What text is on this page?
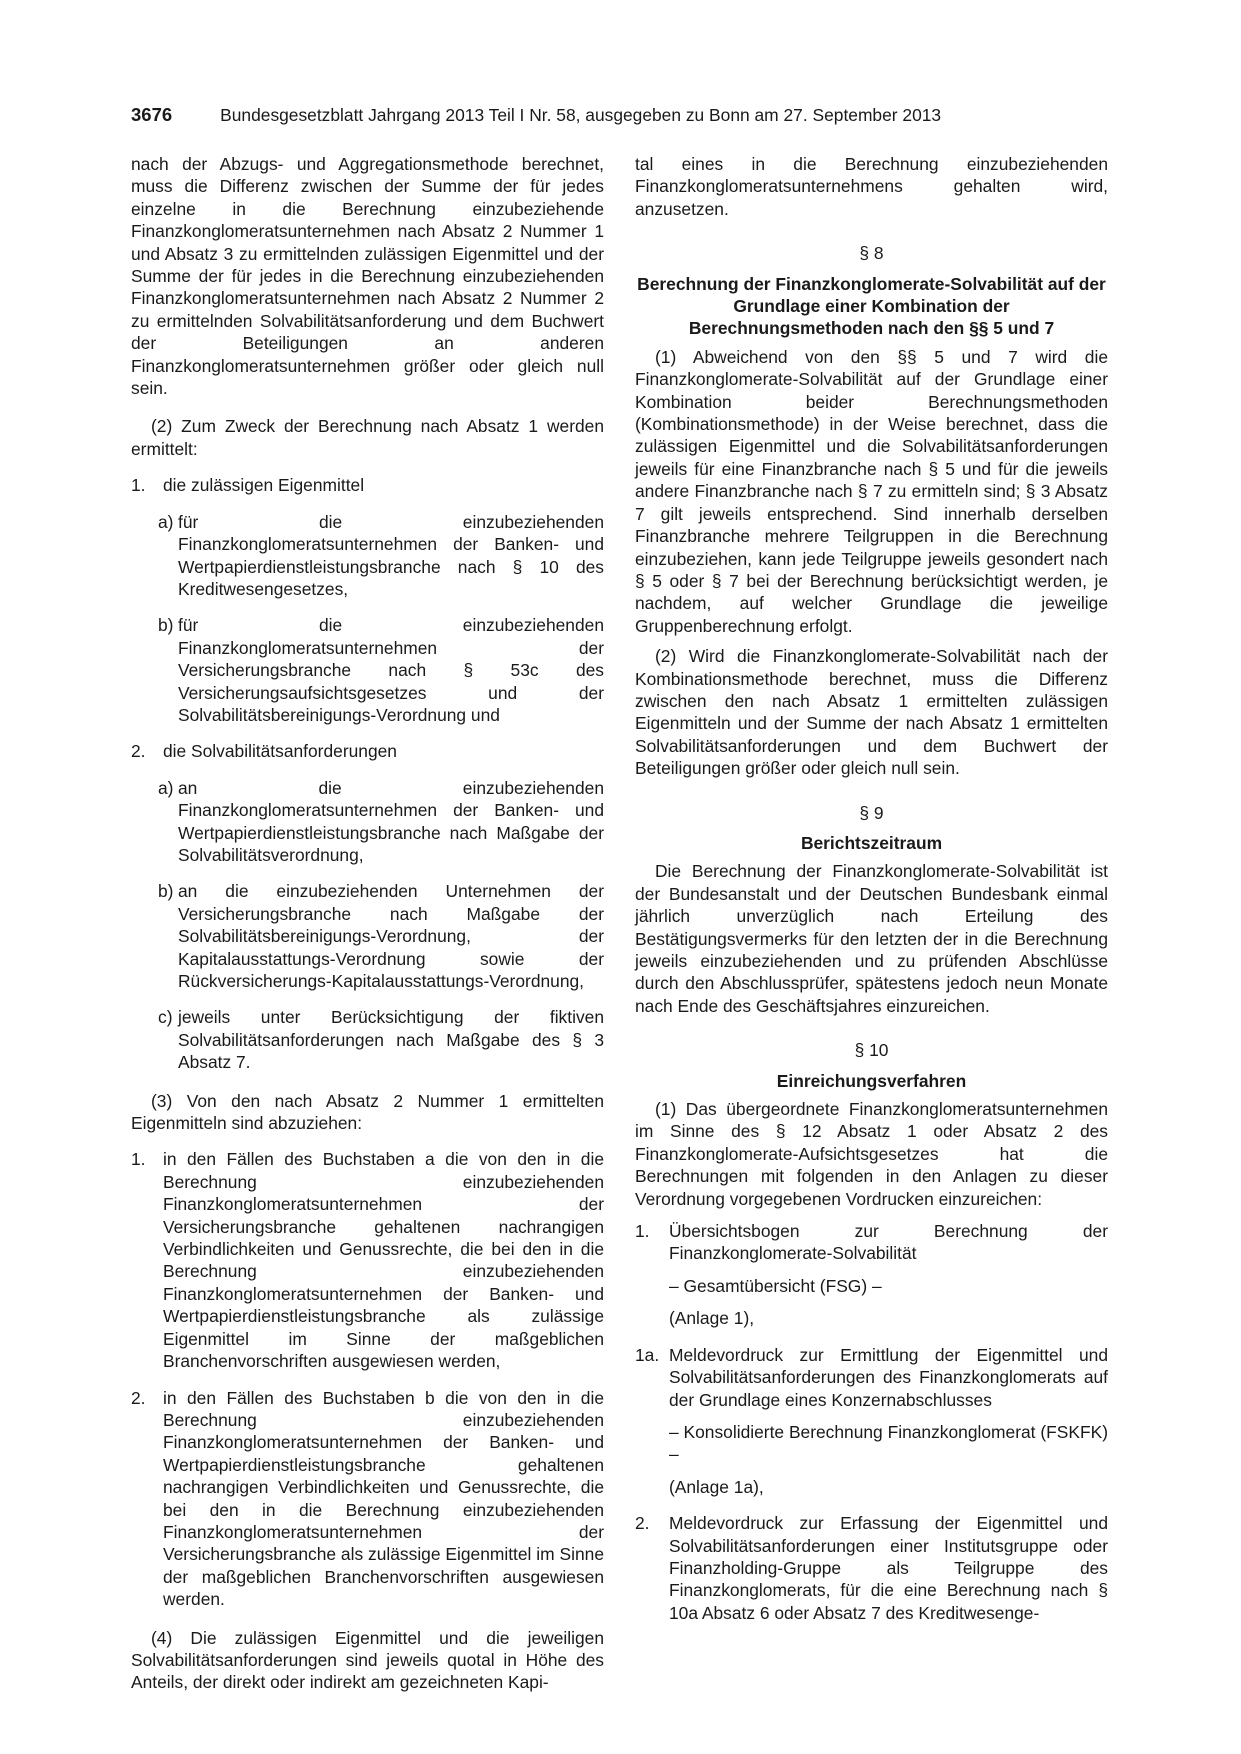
3676	Bundesgesetzblatt Jahrgang 2013 Teil I Nr. 58, ausgegeben zu Bonn am 27. September 2013

nach der Abzugs- und Aggregationsmethode berechnet, muss die Differenz zwischen der Summe der für jedes einzelne in die Berechnung einzubeziehende Finanzkonglomeratsunternehmen nach Absatz 2 Nummer 1 und Absatz 3 zu ermittelnden zulässigen Eigenmittel und der Summe der für jedes in die Berechnung einzubeziehenden Finanzkonglomeratsunternehmen nach Absatz 2 Nummer 2 zu ermittelnden Solvabilitätsanforderung und dem Buchwert der Beteiligungen an anderen Finanzkonglomeratsunternehmen größer oder gleich null sein.

(2) Zum Zweck der Berechnung nach Absatz 1 werden ermittelt:

1.	die zulässigen Eigenmittel
a) für die einzubeziehenden Finanzkonglomeratsunternehmen der Banken- und Wertpapierdienstleistungsbranche nach § 10 des Kreditwesengesetzes,
b) für die einzubeziehenden Finanzkonglomeratsunternehmen der Versicherungsbranche nach § 53c des Versicherungsaufsichtsgesetzes und der Solvabilitätsbereinigungs-Verordnung und
2.	die Solvabilitätsanforderungen
a) an die einzubeziehenden Finanzkonglomeratsunternehmen der Banken- und Wertpapierdienstleistungsbranche nach Maßgabe der Solvabilitätsverordnung,
b) an die einzubeziehenden Unternehmen der Versicherungsbranche nach Maßgabe der Solvabilitätsbereinigungs-Verordnung, der Kapitalausstattungs-Verordnung sowie der Rückversicherungs-Kapitalausstattungs-Verordnung,
c) jeweils unter Berücksichtigung der fiktiven Solvabilitätsanforderungen nach Maßgabe des § 3 Absatz 7.

(3) Von den nach Absatz 2 Nummer 1 ermittelten Eigenmitteln sind abzuziehen:

1.	in den Fällen des Buchstaben a die von den in die Berechnung einzubeziehenden Finanzkonglomeratsunternehmen der Versicherungsbranche gehaltenen nachrangigen Verbindlichkeiten und Genussrechte, die bei den in die Berechnung einzubeziehenden Finanzkonglomeratsunternehmen der Banken- und Wertpapierdienstleistungsbranche als zulässige Eigenmittel im Sinne der maßgeblichen Branchenvorschriften ausgewiesen werden,
2.	in den Fällen des Buchstaben b die von den in die Berechnung einzubeziehenden Finanzkonglomeratsunternehmen der Banken- und Wertpapierdienstleistungsbranche gehaltenen nachrangigen Verbindlichkeiten und Genussrechte, die bei den in die Berechnung einzubeziehenden Finanzkonglomeratsunternehmen der Versicherungsbranche als zulässige Eigenmittel im Sinne der maßgeblichen Branchenvorschriften ausgewiesen werden.

(4) Die zulässigen Eigenmittel und die jeweiligen Solvabilitätsanforderungen sind jeweils quotal in Höhe des Anteils, der direkt oder indirekt am gezeichneten Kapi-

tal eines in die Berechnung einzubeziehenden Finanzkonglomeratsunternehmens gehalten wird, anzusetzen.

§ 8

Berechnung der Finanzkonglomerate-Solvabilität auf der Grundlage einer Kombination der Berechnungsmethoden nach den §§ 5 und 7

(1) Abweichend von den §§ 5 und 7 wird die Finanzkonglomerate-Solvabilität auf der Grundlage einer Kombination beider Berechnungsmethoden (Kombinationsmethode) in der Weise berechnet, dass die zulässigen Eigenmittel und die Solvabilitätsanforderungen jeweils für eine Finanzbranche nach § 5 und für die jeweils andere Finanzbranche nach § 7 zu ermitteln sind; § 3 Absatz 7 gilt jeweils entsprechend. Sind innerhalb derselben Finanzbranche mehrere Teilgruppen in die Berechnung einzubeziehen, kann jede Teilgruppe jeweils gesondert nach § 5 oder § 7 bei der Berechnung berücksichtigt werden, je nachdem, auf welcher Grundlage die jeweilige Gruppenberechnung erfolgt.

(2) Wird die Finanzkonglomerate-Solvabilität nach der Kombinationsmethode berechnet, muss die Differenz zwischen den nach Absatz 1 ermittelten zulässigen Eigenmitteln und der Summe der nach Absatz 1 ermittelten Solvabilitätsanforderungen und dem Buchwert der Beteiligungen größer oder gleich null sein.

§ 9

Berichtszeitraum

Die Berechnung der Finanzkonglomerate-Solvabilität ist der Bundesanstalt und der Deutschen Bundesbank einmal jährlich unverzüglich nach Erteilung des Bestätigungsvermerks für den letzten der in die Berechnung jeweils einzubeziehenden und zu prüfenden Abschlüsse durch den Abschlussprüfer, spätestens jedoch neun Monate nach Ende des Geschäftsjahres einzureichen.

§ 10

Einreichungsverfahren

(1) Das übergeordnete Finanzkonglomeratsunternehmen im Sinne des § 12 Absatz 1 oder Absatz 2 des Finanzkonglomerate-Aufsichtsgesetzes hat die Berechnungen mit folgenden in den Anlagen zu dieser Verordnung vorgegebenen Vordrucken einzureichen:

1.	Übersichtsbogen zur Berechnung der Finanzkonglomerate-Solvabilität

– Gesamtübersicht (FSG) –

(Anlage 1),

1a. Meldevordruck zur Ermittlung der Eigenmittel und Solvabilitätsanforderungen des Finanzkonglomerats auf der Grundlage eines Konzernabschlusses

– Konsolidierte Berechnung Finanzkonglomerat (FSKFK) –

(Anlage 1a),

2.	Meldevordruck zur Erfassung der Eigenmittel und Solvabilitätsanforderungen einer Institutsgruppe oder Finanzholding-Gruppe als Teilgruppe des Finanzkonglomerats, für die eine Berechnung nach § 10a Absatz 6 oder Absatz 7 des Kreditwesenge-
